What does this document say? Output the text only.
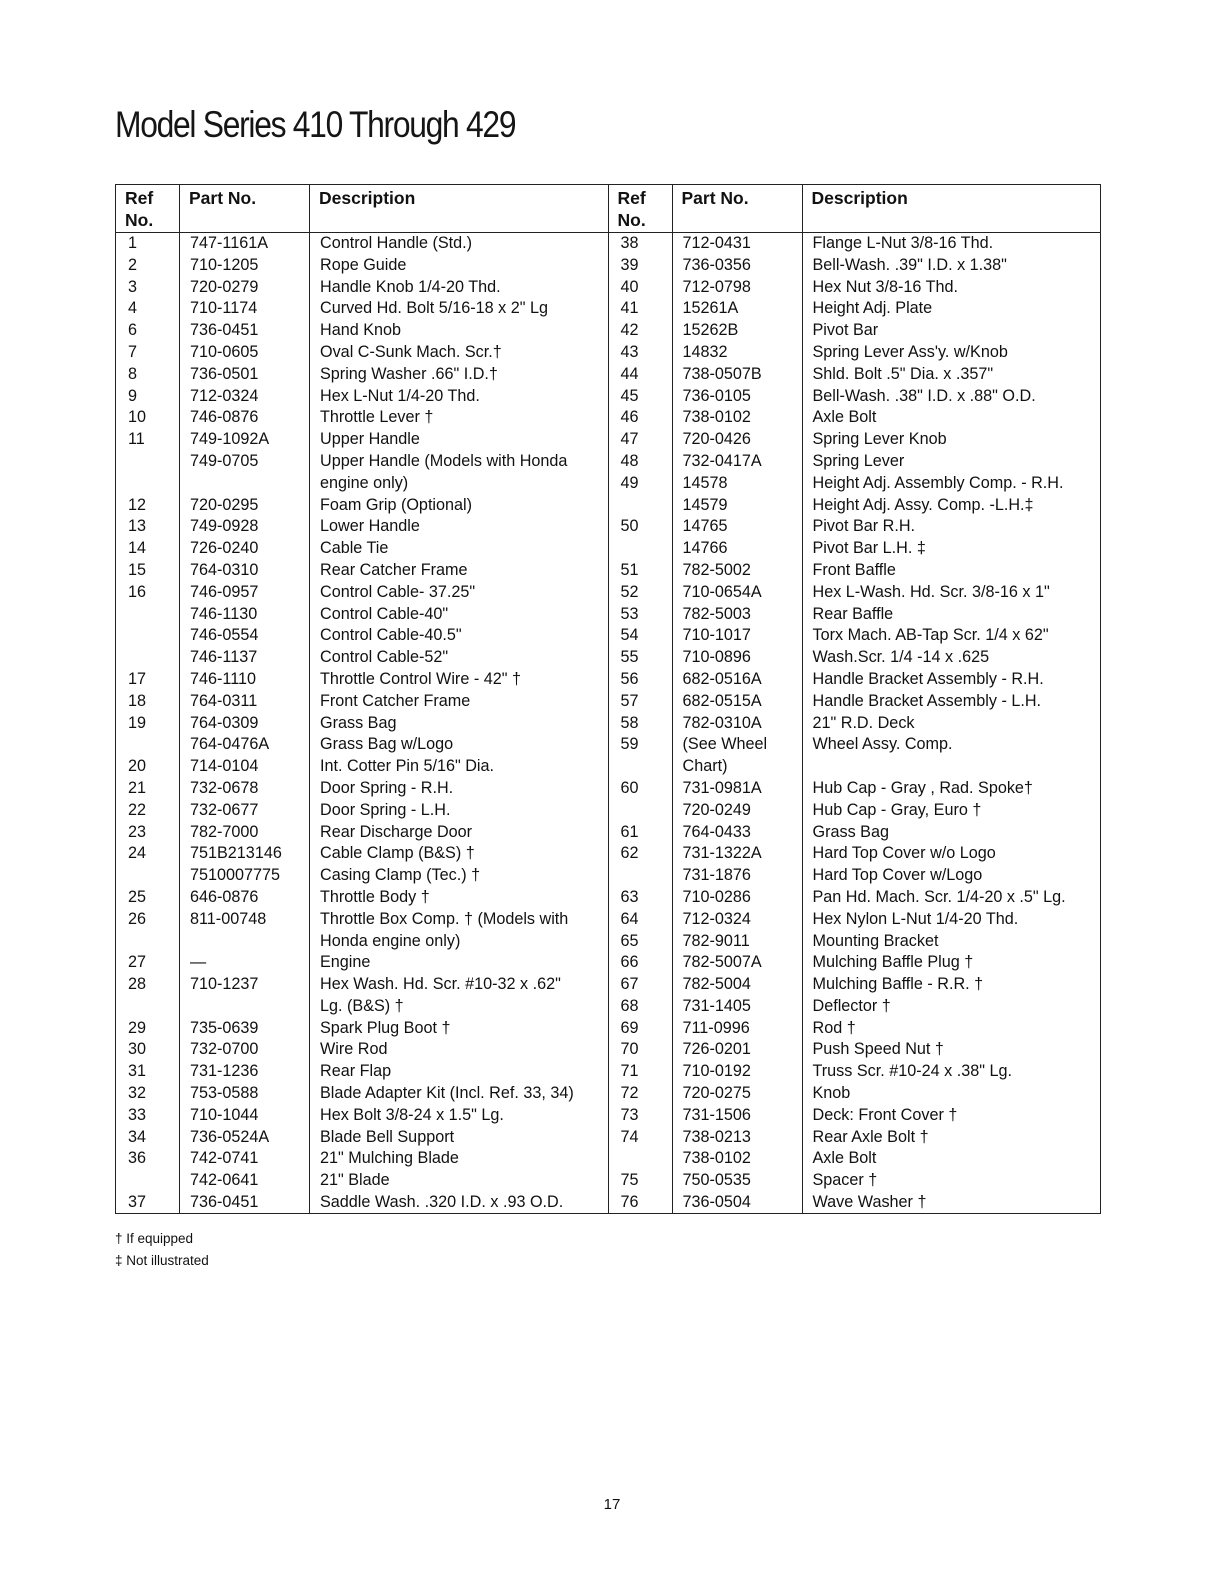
Model Series 410 Through 429
Ref
No.
1
2
3
4
6
7
8
9
10
11
12
13
14
15
16
17
18
19
20
21
22
23
24
25
26
27
28
29
30
31
32
33
34
36
37
Part No.
747-1161A
710-1205
720-0279
710-1174
736-0451
710-0605
736-0501
712-0324
746-0876
749-1092A
749-0705
720-0295
749-0928
726-0240
764-0310
746-0957
746-1130
746-0554
746-1137
746-1110
764-0311
764-0309
764-0476A
714-0104
732-0678
732-0677
782-7000
751B213146
7510007775
646-0876
811-00748
—
710-1237
735-0639
732-0700
731-1236
753-0588
710-1044
736-0524A
742-0741
742-0641
736-0451
Description
Control Handle (Std.)
Rope Guide
Handle Knob 1/4-20 Thd.
Curved Hd. Bolt 5/16-18 x 2" Lg
Hand Knob
Oval C-Sunk Mach. Scr.†
Spring Washer .66" I.D.†
Hex L-Nut 1/4-20 Thd.
Throttle Lever †
Upper Handle
Upper Handle (Models with Honda
engine only)
Foam Grip (Optional)
Lower Handle
Cable Tie
Rear Catcher Frame
Control Cable- 37.25"
Control Cable-40"
Control Cable-40.5"
Control Cable-52"
Throttle Control Wire - 42" †
Front Catcher Frame
Grass Bag
Grass Bag w/Logo
Int. Cotter Pin 5/16" Dia.
Door Spring - R.H.
Door Spring - L.H.
Rear Discharge Door
Cable Clamp (B&S) †
Casing Clamp (Tec.) †
Throttle Body †
Throttle Box Comp. † (Models with
Honda engine only)
Engine
Hex Wash. Hd. Scr. #10-32 x .62"
Lg. (B&S) †
Spark Plug Boot †
Wire Rod
Rear Flap
Blade Adapter Kit (Incl. Ref. 33, 34)
Hex Bolt 3/8-24 x 1.5" Lg.
Blade Bell Support
21" Mulching Blade
21" Blade
Saddle Wash. .320 I.D. x .93 O.D.
Ref
No.
38
39
40
41
42
43
44
45
46
47
48
49
50
51
52
53
54
55
56
57
58
59
60
61
62
63
64
65
66
67
68
69
70
71
72
73
74
75
76
Part No.
712-0431
736-0356
712-0798
15261A
15262B
14832
738-0507B
736-0105
738-0102
720-0426
732-0417A
14578
14579
14765
14766
782-5002
710-0654A
782-5003
710-1017
710-0896
682-0516A
682-0515A
782-0310A
(See Wheel
Chart)
731-0981A
720-0249
764-0433
731-1322A
731-1876
710-0286
712-0324
782-9011
782-5007A
782-5004
731-1405
711-0996
726-0201
710-0192
720-0275
731-1506
738-0213
738-0102
750-0535
736-0504
Description
Flange L-Nut 3/8-16 Thd.
Bell-Wash. .39" I.D. x 1.38"
Hex Nut 3/8-16 Thd.
Height Adj. Plate
Pivot Bar
Spring Lever Ass'y. w/Knob
Shld. Bolt .5" Dia. x .357"
Bell-Wash. .38" I.D. x .88" O.D.
Axle Bolt
Spring Lever Knob
Spring Lever
Height Adj. Assembly Comp. - R.H.
Height Adj. Assy. Comp. -L.H.‡
Pivot Bar R.H.
Pivot Bar L.H. ‡
Front Baffle
Hex L-Wash. Hd. Scr. 3/8-16 x 1"
Rear Baffle
Torx Mach. AB-Tap Scr. 1/4 x 62"
Wash.Scr. 1/4 -14 x .625
Handle Bracket Assembly - R.H.
Handle Bracket Assembly - L.H.
21" R.D. Deck
Wheel Assy. Comp.
Hub Cap - Gray , Rad. Spoke†
Hub Cap - Gray, Euro †
Grass Bag
Hard Top Cover w/o Logo
Hard Top Cover w/Logo
Pan Hd. Mach. Scr. 1/4-20 x .5" Lg.
Hex Nylon L-Nut 1/4-20 Thd.
Mounting Bracket
Mulching Baffle Plug †
Mulching Baffle - R.R. †
Deflector †
Rod †
Push Speed Nut †
Truss Scr. #10-24 x .38" Lg.
Knob
Deck: Front Cover †
Rear Axle Bolt †
Axle Bolt
Spacer †
Wave Washer †
† If equipped
‡ Not illustrated
17
